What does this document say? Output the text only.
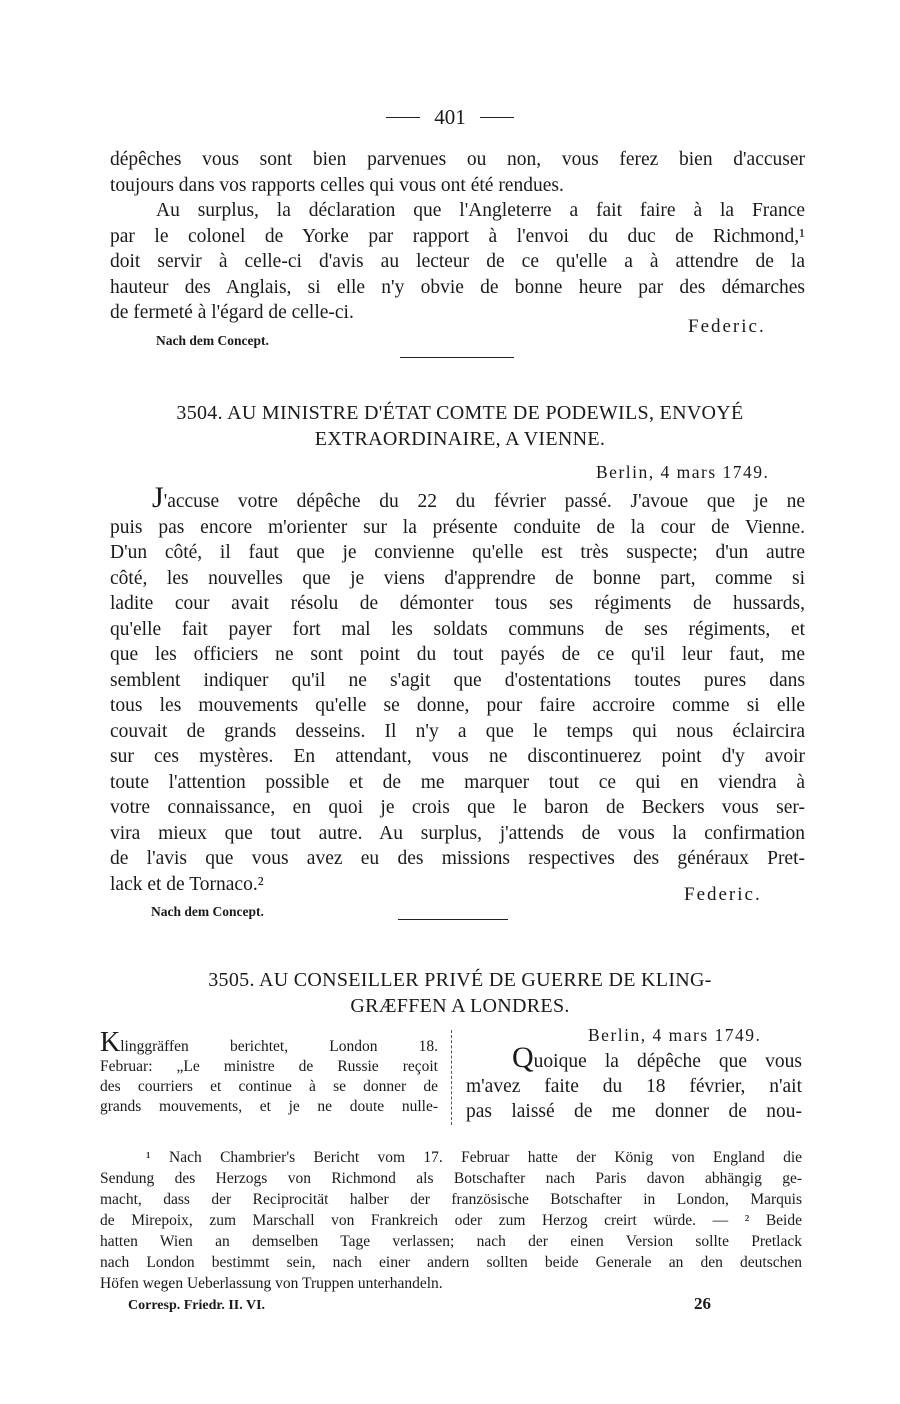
401
dépêches vous sont bien parvenues ou non, vous ferez bien d'accuser
toujours dans vos rapports celles qui vous ont été rendues.
Au surplus, la déclaration que l'Angleterre a fait faire à la France
par le colonel de Yorke par rapport à l'envoi du duc de Richmond,¹
doit servir à celle-ci d'avis au lecteur de ce qu'elle a à attendre de la
hauteur des Anglais, si elle n'y obvie de bonne heure par des démarches
de fermeté à l'égard de celle-ci.
Federic.
Nach dem Concept.
3504. AU MINISTRE D'ÉTAT COMTE DE PODEWILS, ENVOYÉ
EXTRAORDINAIRE, A VIENNE.
Berlin, 4 mars 1749.
J'accuse votre dépêche du 22 du février passé. J'avoue que je ne
puis pas encore m'orienter sur la présente conduite de la cour de Vienne.
D'un côté, il faut que je convienne qu'elle est très suspecte; d'un autre
côté, les nouvelles que je viens d'apprendre de bonne part, comme si
ladite cour avait résolu de démonter tous ses régiments de hussards,
qu'elle fait payer fort mal les soldats communs de ses régiments, et
que les officiers ne sont point du tout payés de ce qu'il leur faut, me
semblent indiquer qu'il ne s'agit que d'ostentations toutes pures dans
tous les mouvements qu'elle se donne, pour faire accroire comme si elle
couvait de grands desseins. Il n'y a que le temps qui nous éclaircira
sur ces mystères. En attendant, vous ne discontinuerez point d'y avoir
toute l'attention possible et de me marquer tout ce qui en viendra à
votre connaissance, en quoi je crois que le baron de Beckers vous ser-
vira mieux que tout autre. Au surplus, j'attends de vous la confirmation
de l'avis que vous avez eu des missions respectives des généraux Pret-
lack et de Tornaco.²	Federic.
Nach dem Concept.
3505. AU CONSEILLER PRIVÉ DE GUERRE DE KLING-
GRÆFFEN A LONDRES.
Klinggräffen berichtet, London 18.
Februar: „Le ministre de Russie reçoit
des courriers et continue à se donner de
grands mouvements, et je ne doute nulle-
Berlin, 4 mars 1749.
Quoique la dépêche que vous
m'avez faite du 18 février, n'ait
pas laissé de me donner de nou-
¹ Nach Chambrier's Bericht vom 17. Februar hatte der König von England die
Sendung des Herzogs von Richmond als Botschafter nach Paris davon abhängig ge-
macht, dass der Reciprocität halber der französische Botschafter in London, Marquis
de Mirepoix, zum Marschall von Frankreich oder zum Herzog creirt würde. — ² Beide
hatten Wien an demselben Tage verlassen; nach der einen Version sollte Pretlack
nach London bestimmt sein, nach einer andern sollten beide Generale an den deutschen
Höfen wegen Ueberlassung von Truppen unterhandeln.
Corresp. Friedr. II. VI.	26
